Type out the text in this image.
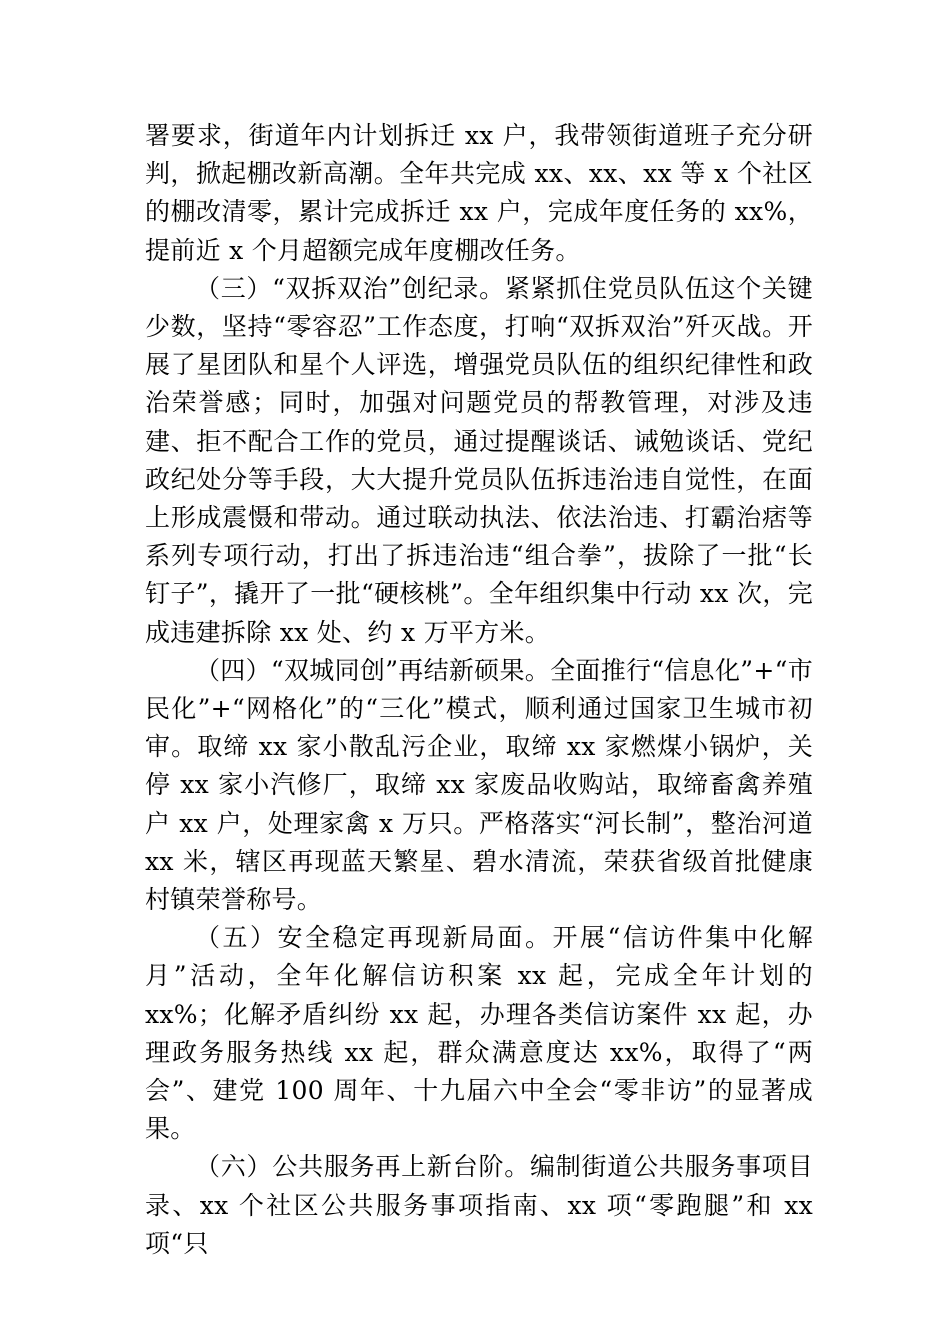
署要求，街道年内计划拆迁 xx 户，我带领街道班子充分研判，掀起棚改新高潮。全年共完成 xx、xx、xx 等 x 个社区的棚改清零，累计完成拆迁 xx 户，完成年度任务的 xx%，提前近 x 个月超额完成年度棚改任务。

（三）“双拆双治”创纪录。紧紧抓住党员队伍这个关键少数，坚持“零容忍”工作态度，打响“双拆双治”歼灭战。开展了星团队和星个人评选，增强党员队伍的组织纪律性和政治荣誉感；同时，加强对问题党员的帮教管理，对涉及违建、拒不配合工作的党员，通过提醒谈话、诫勉谈话、党纪政纪处分等手段，大大提升党员队伍拆违治违自觉性，在面上形成震慑和带动。通过联动执法、依法治违、打霸治痞等系列专项行动，打出了拆违治违“组合拳”，拔除了一批“长钉子”，撬开了一批“硬核桃”。全年组织集中行动 xx 次，完成违建拆除 xx 处、约 x 万平方米。

（四）“双城同创”再结新硕果。全面推行“信息化”+“市民化”+“网格化”的“三化”模式，顺利通过国家卫生城市初审。取缔 xx 家小散乱污企业，取缔 xx 家燃煤小锅炉，关停 xx 家小汽修厂，取缔 xx 家废品收购站，取缔畜禽养殖户 xx 户，处理家禽 x 万只。严格落实“河长制”，整治河道 xx 米，辖区再现蓝天繁星、碧水清流，荣获省级首批健康村镇荣誉称号。

（五）安全稳定再现新局面。开展“信访件集中化解月”活动，全年化解信访积案 xx 起，完成全年计划的 xx%；化解矛盾纠纷 xx 起，办理各类信访案件 xx 起，办理政务服务热线 xx 起，群众满意度达 xx%，取得了“两会”、建党 100 周年、十九届六中全会“零非访”的显著成果。

（六）公共服务再上新台阶。编制街道公共服务事项目录、xx 个社区公共服务事项指南、xx 项“零跑腿”和 xx 项“只
